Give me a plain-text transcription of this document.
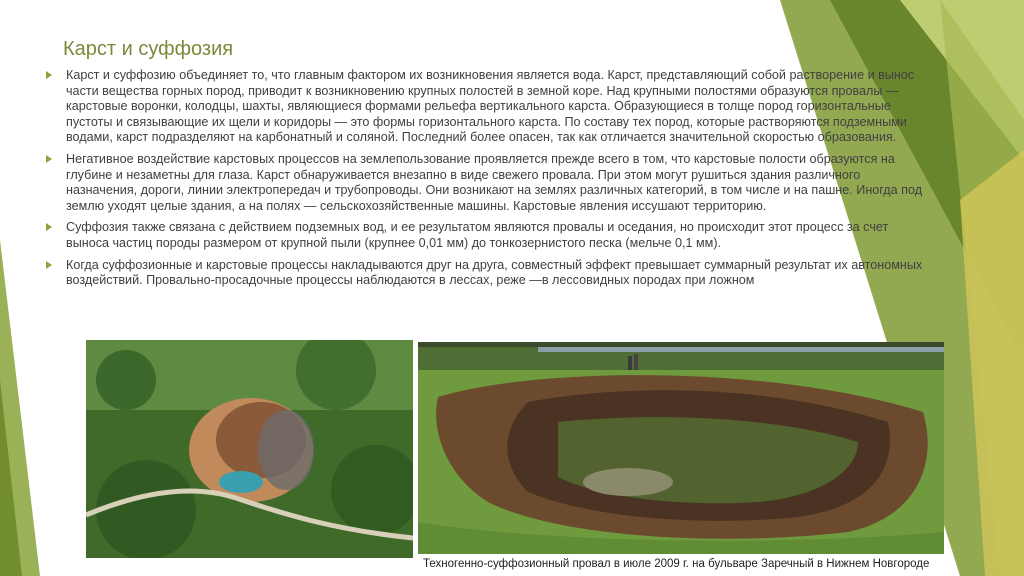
Карст и суффозия
Карст и суффозию объединяет то, что главным фактором их возникновения является вода. Карст, представляющий собой растворение и вынос части вещества горных пород, приводит к возникновению крупных полостей в земной коре. Над крупными полостями образуются провалы — карстовые воронки, колодцы, шахты, являющиеся формами рельефа вертикального карста. Образующиеся в толще пород горизонтальные пустоты и связывающие их щели и коридоры — это формы горизонтального карста. По составу тех пород, которые растворяются подземными водами, карст подразделяют на карбонатный и соляной. Последний более опасен, так как отличается значительной скоростью образования.
Негативное воздействие карстовых процессов на землепользование проявляется прежде всего в том, что карстовые полости образуются на глубине и незаметны для глаза. Карст обнаруживается внезапно в виде свежего провала. При этом могут рушиться здания различного назначения, дороги, линии электропередач и трубопроводы. Они возникают на землях различных категорий, в том числе и на пашне. Иногда под землю уходят целые здания, а на полях — сельскохозяйственные машины. Карстовые явления иссушают территорию.
Суффозия также связана с действием подземных вод, и ее результатом являются провалы и оседания, но происходит этот процесс за счет выноса частиц породы размером от крупной пыли (крупнее 0,01 мм) до тонкозернистого песка (мельче 0,1 мм).
Когда суффозионные и карстовые процессы накладываются друг на друга, совместный эффект превышает суммарный результат их автономных воздействий. Провально-просадочные процессы наблюдаются в лессах, реже —в лессовидных породах при ложном
Техногенно-суффозионный провал в июле 2009 г. на бульваре Заречный в Нижнем Новгороде
